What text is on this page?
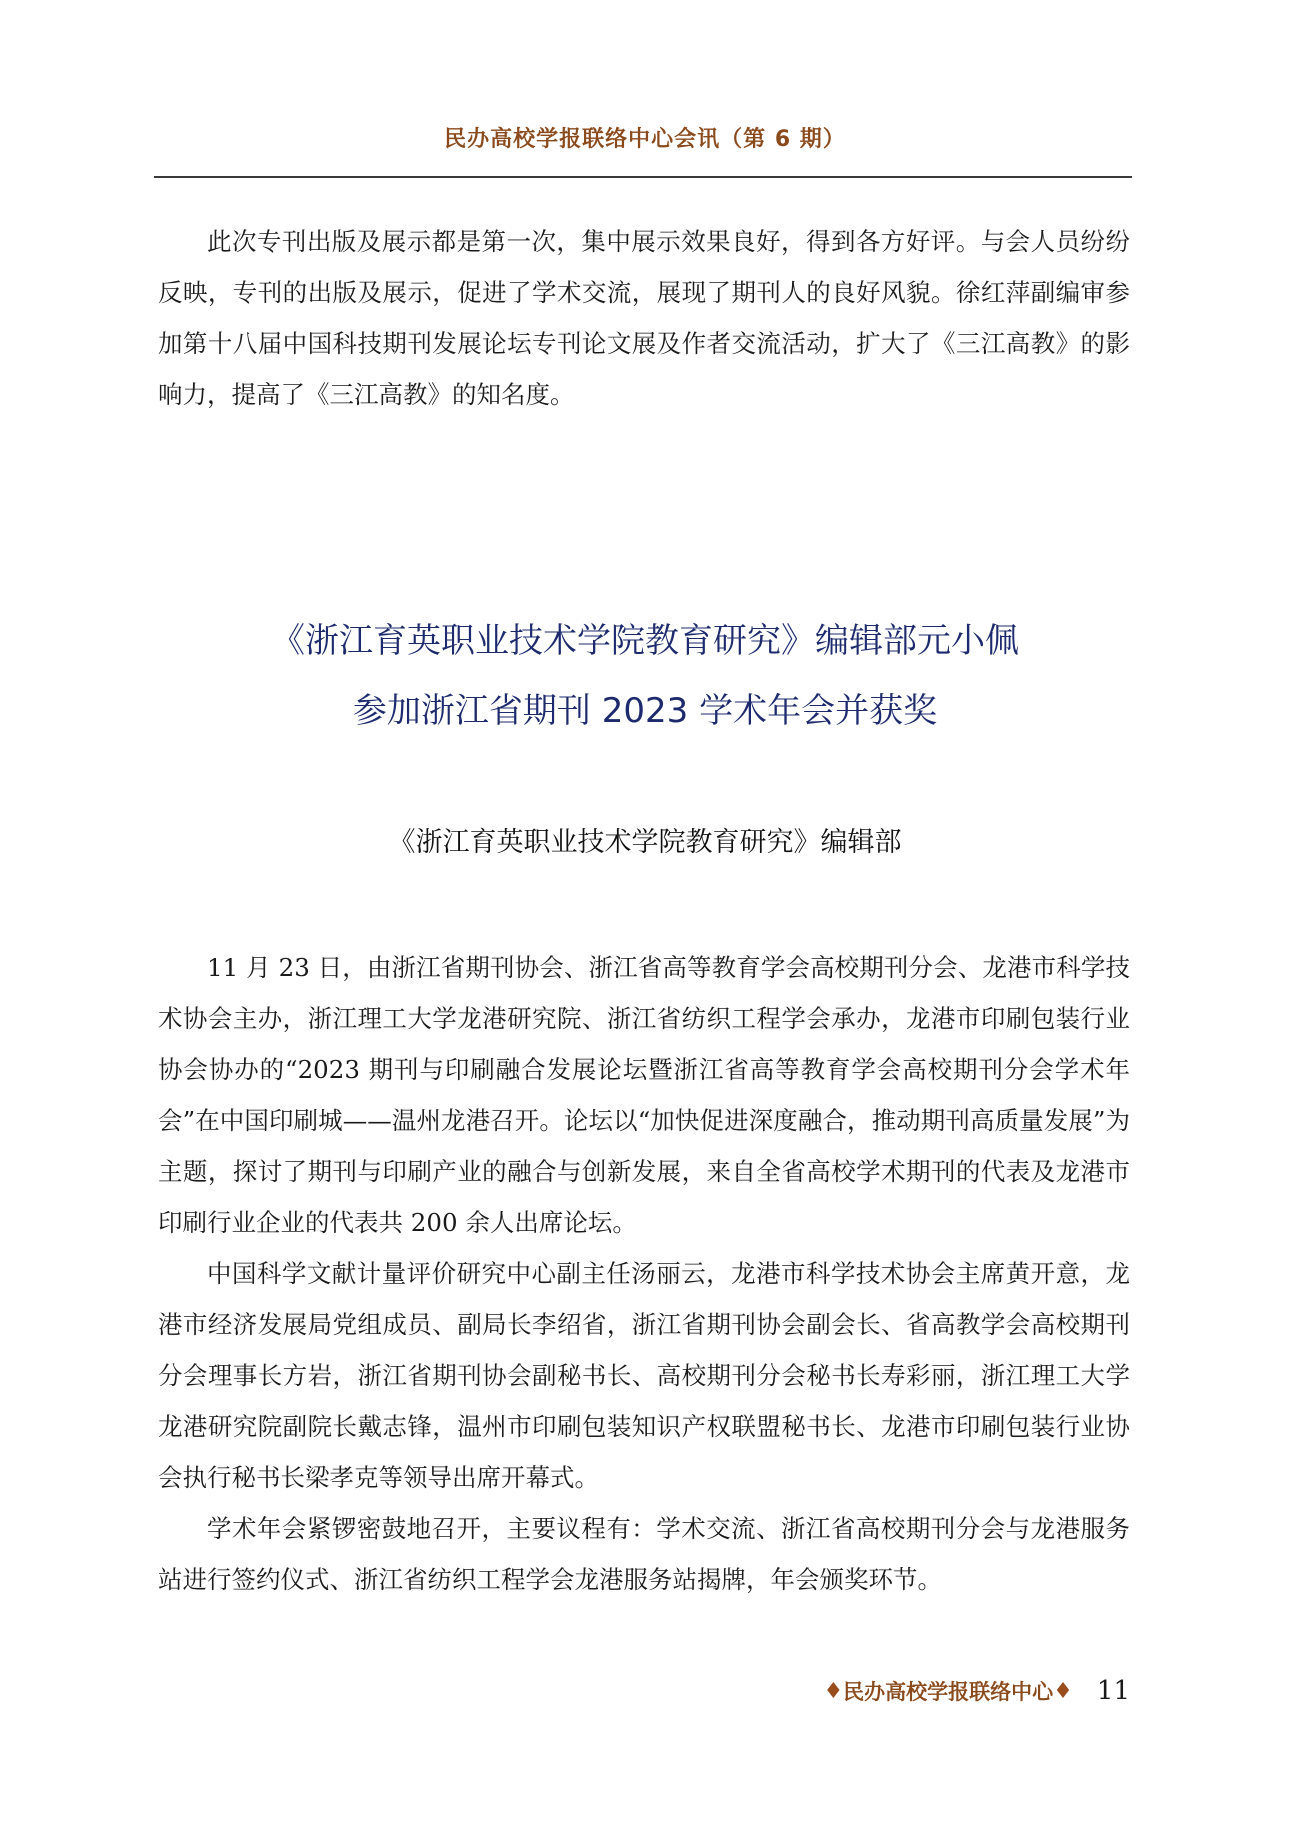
民办高校学报联络中心会讯（第 6 期）

此次专刊出版及展示都是第一次，集中展示效果良好，得到各方好评。与会人员纷纷反映，专刊的出版及展示，促进了学术交流，展现了期刊人的良好风貌。徐红萍副编审参加第十八届中国科技期刊发展论坛专刊论文展及作者交流活动，扩大了《三江高教》的影响力，提高了《三江高教》的知名度。

《浙江育英职业技术学院教育研究》编辑部元小佩
参加浙江省期刊 2023 学术年会并获奖
《浙江育英职业技术学院教育研究》编辑部

11 月 23 日，由浙江省期刊协会、浙江省高等教育学会高校期刊分会、龙港市科学技术协会主办，浙江理工大学龙港研究院、浙江省纺织工程学会承办，龙港市印刷包装行业协会协办的“2023 期刊与印刷融合发展论坛暨浙江省高等教育学会高校期刊分会学术年会”在中国印刷城——温州龙港召开。论坛以“加快促进深度融合，推动期刊高质量发展”为主题，探讨了期刊与印刷产业的融合与创新发展，来自全省高校学术期刊的代表及龙港市印刷行业企业的代表共 200 余人出席论坛。

中国科学文献计量评价研究中心副主任汤丽云，龙港市科学技术协会主席黄开意，龙港市经济发展局党组成员、副局长李绍省，浙江省期刊协会副会长、省高教学会高校期刊分会理事长方岩，浙江省期刊协会副秘书长、高校期刊分会秘书长寿彩丽，浙江理工大学龙港研究院副院长戴志锋，温州市印刷包装知识产权联盟秘书长、龙港市印刷包装行业协会执行秘书长梁孝克等领导出席开幕式。

学术年会紧锣密鼓地召开，主要议程有：学术交流、浙江省高校期刊分会与龙港服务站进行签约仪式、浙江省纺织工程学会龙港服务站揭牌，年会颁奖环节。

♦ 民办高校学报联络中心 ♦ 11
